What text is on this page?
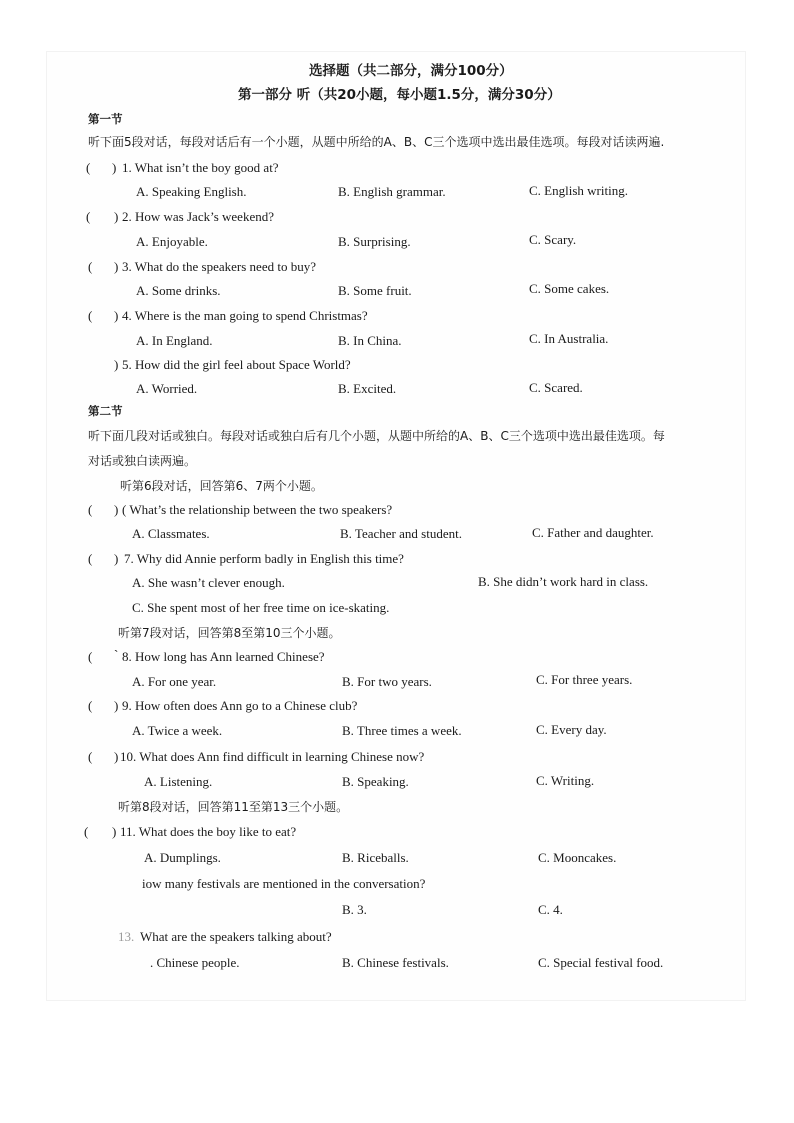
选择题（共二部分，满分100分）
第一部分 听（共20小题，每小题1.5分，满分30分）
第一节
听下面5段对话，每段对话后有一个小题，从题中所给的A、B、C三个选项中选出最佳选项。每段对话读两遍.
( ) 1. What isn’t the boy good at?
A. Speaking English.	B. English grammar.	C. English writing.
( ) 2. How was Jack’s weekend?
A. Enjoyable.	B. Surprising.	C. Scary.
( ) 3. What do the speakers need to buy?
A. Some drinks.	B. Some fruit.	C. Some cakes.
( ) 4. Where is the man going to spend Christmas?
A. In England.	B. In China.	C. In Australia.
) 5. How did the girl feel about Space World?
A. Worried.	B. Excited.	C. Scared.
第二节
听下面几段对话或独白。每段对话或独白后有几个小题，从题中所给的A、B、C三个选项中选出最佳选项。每
对话或独白读两遍。
听第6段对话，回答第6、7两个小题。
( ) ( What’s the relationship between the two speakers?
A. Classmates.	B. Teacher and student.	C. Father and daughter.
( ) 7. Why did Annie perform badly in English this time?
A. She wasn’t clever enough.	B. She didn’t work hard in class.
C. She spent most of her free time on ice-skating.
听第7段对话，回答第8至第10三个小题。
( ` 8. How long has Ann learned Chinese?
A. For one year.	B. For two years.	C. For three years.
( ) 9. How often does Ann go to a Chinese club?
A. Twice a week.	B. Three times a week.	C. Every day.
( ) 10. What does Ann find difficult in learning Chinese now?
A. Listening.	B. Speaking.	C. Writing.
听第8段对话，回答第11至第13三个小题。
( ) 11. What does the boy like to eat?
A. Dumplings.	B. Riceballs.	C. Mooncakes.
iow many festivals are mentioned in the conversation?
B. 3.	C. 4.
13. What are the speakers talking about?
. Chinese people.	B. Chinese festivals.	C. Special festival food.
